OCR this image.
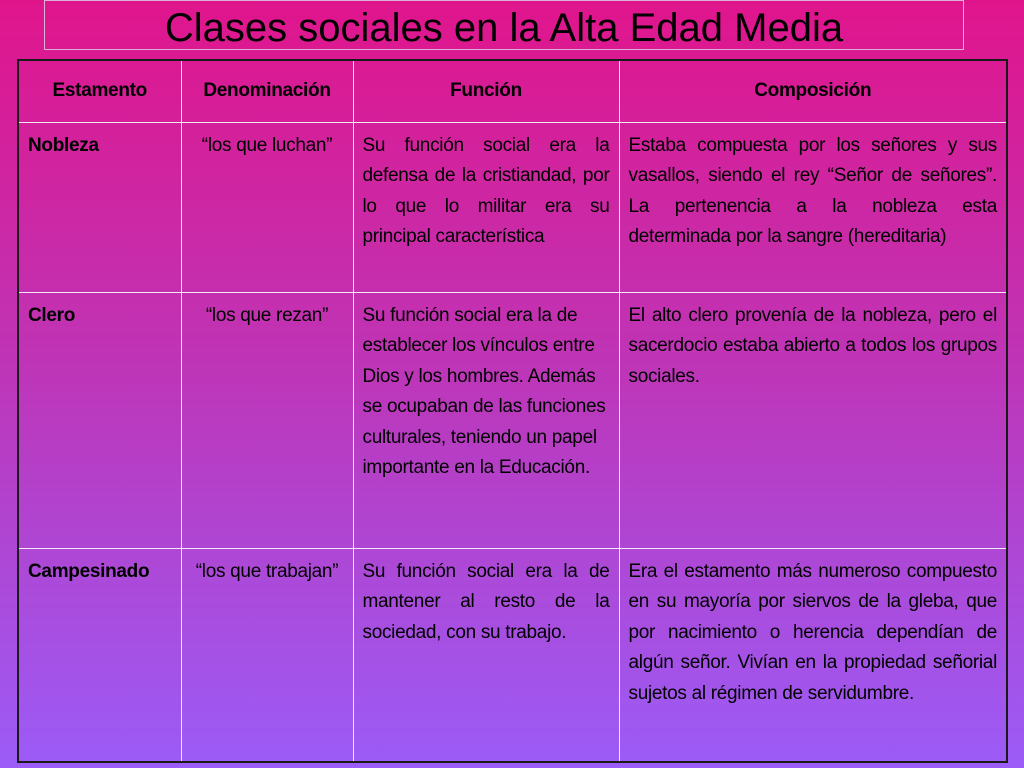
Clases sociales en la Alta Edad Media
Estamento	Denominación	Función	Composición
Nobleza	“los que luchan”	Su función social era la defensa de la cristiandad, por lo que lo militar era su principal característica	Estaba compuesta por los señores y sus vasallos, siendo el rey “Señor de señores”. La pertenencia a la nobleza esta determinada por la sangre (hereditaria)
Clero	“los que rezan”	Su función social era la de establecer los vínculos entre Dios y los hombres. Además se ocupaban de las funciones culturales, teniendo un papel importante en la Educación.	El alto clero provenía de la nobleza, pero el sacerdocio estaba abierto a todos los grupos sociales.
Campesinado	“los que trabajan”	Su función social era la de mantener al resto de la sociedad, con su trabajo.	Era el estamento más numeroso compuesto en su mayoría por siervos de la gleba, que por nacimiento o herencia dependían de algún señor. Vivían en la propiedad señorial sujetos al régimen de servidumbre.
